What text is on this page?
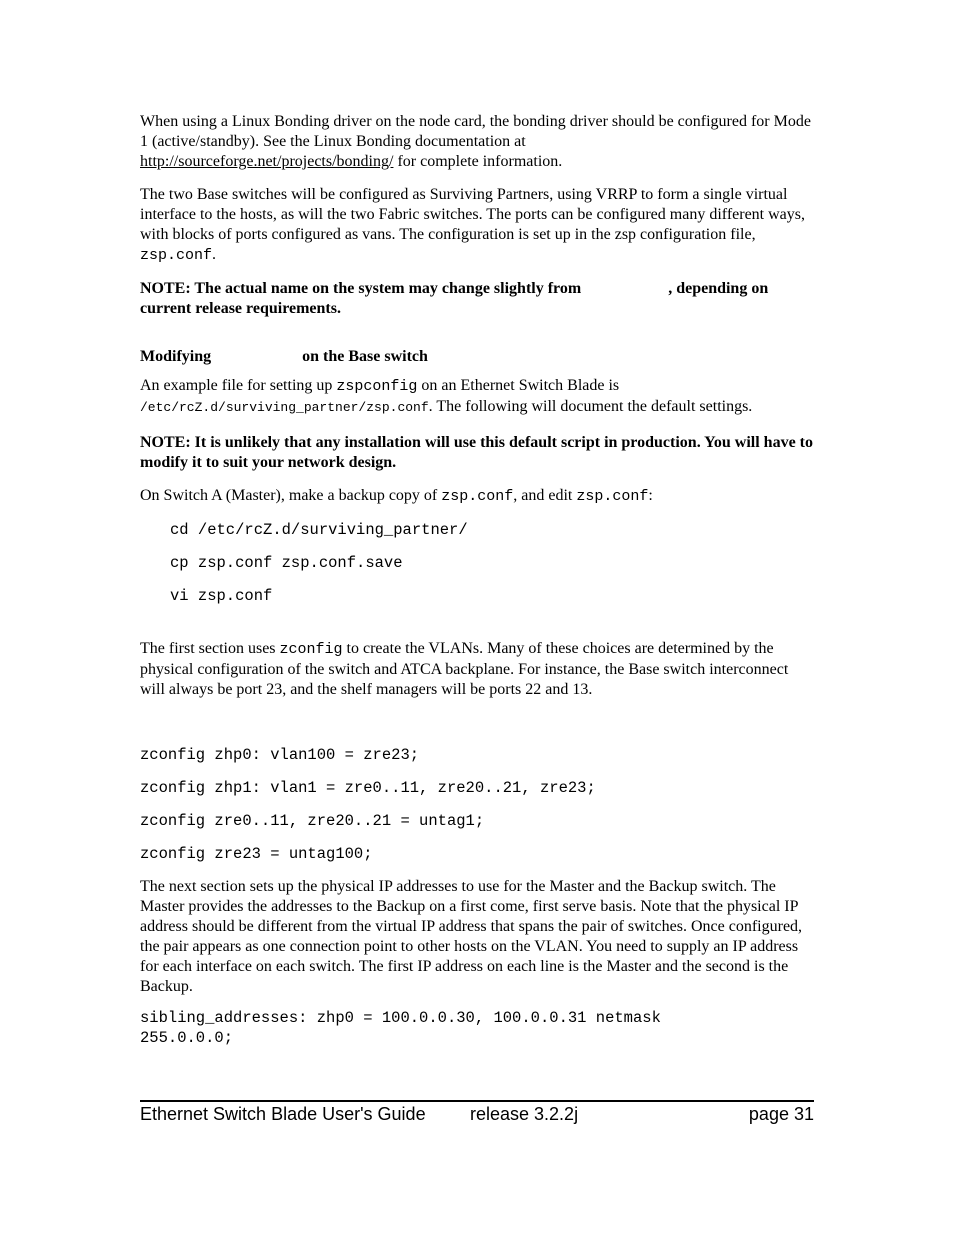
When using a Linux Bonding driver on the node card, the bonding driver should be configured for Mode 1 (active/standby). See the Linux Bonding documentation at
http://sourceforge.net/projects/bonding/ for complete information.

The two Base switches will be configured as Surviving Partners, using VRRP to form a single virtual interface to the hosts, as will the two Fabric switches. The ports can be configured many different ways, with blocks of ports configured as vans. The configuration is set up in the zsp configuration file, zsp.conf.

NOTE: The actual name on the system may change slightly from	, depending on current release requirements.

Modifying	on the Base switch

An example file for setting up zspconfig on an Ethernet Switch Blade is
/etc/rcZ.d/surviving_partner/zsp.conf. The following will document the default settings.

NOTE: It is unlikely that any installation will use this default script in production. You will have to modify it to suit your network design.

On Switch A (Master), make a backup copy of zsp.conf, and edit zsp.conf:

cd /etc/rcZ.d/surviving_partner/

cp zsp.conf zsp.conf.save

vi zsp.conf

The first section uses zconfig to create the VLANs. Many of these choices are determined by the physical configuration of the switch and ATCA backplane. For instance, the Base switch interconnect will always be port 23, and the shelf managers will be ports 22 and 13.

zconfig zhp0: vlan100 = zre23;

zconfig zhp1: vlan1 = zre0..11, zre20..21, zre23;

zconfig zre0..11, zre20..21 = untag1;

zconfig zre23 = untag100;

The next section sets up the physical IP addresses to use for the Master and the Backup switch. The Master provides the addresses to the Backup on a first come, first serve basis. Note that the physical IP address should be different from the virtual IP address that spans the pair of switches. Once configured, the pair appears as one connection point to other hosts on the VLAN. You need to supply an IP address for each interface on each switch. The first IP address on each line is the Master and the second is the Backup.

sibling_addresses: zhp0 = 100.0.0.30, 100.0.0.31 netmask

255.0.0.0;

Ethernet Switch Blade User's Guide release 3.2.2j	page 31
